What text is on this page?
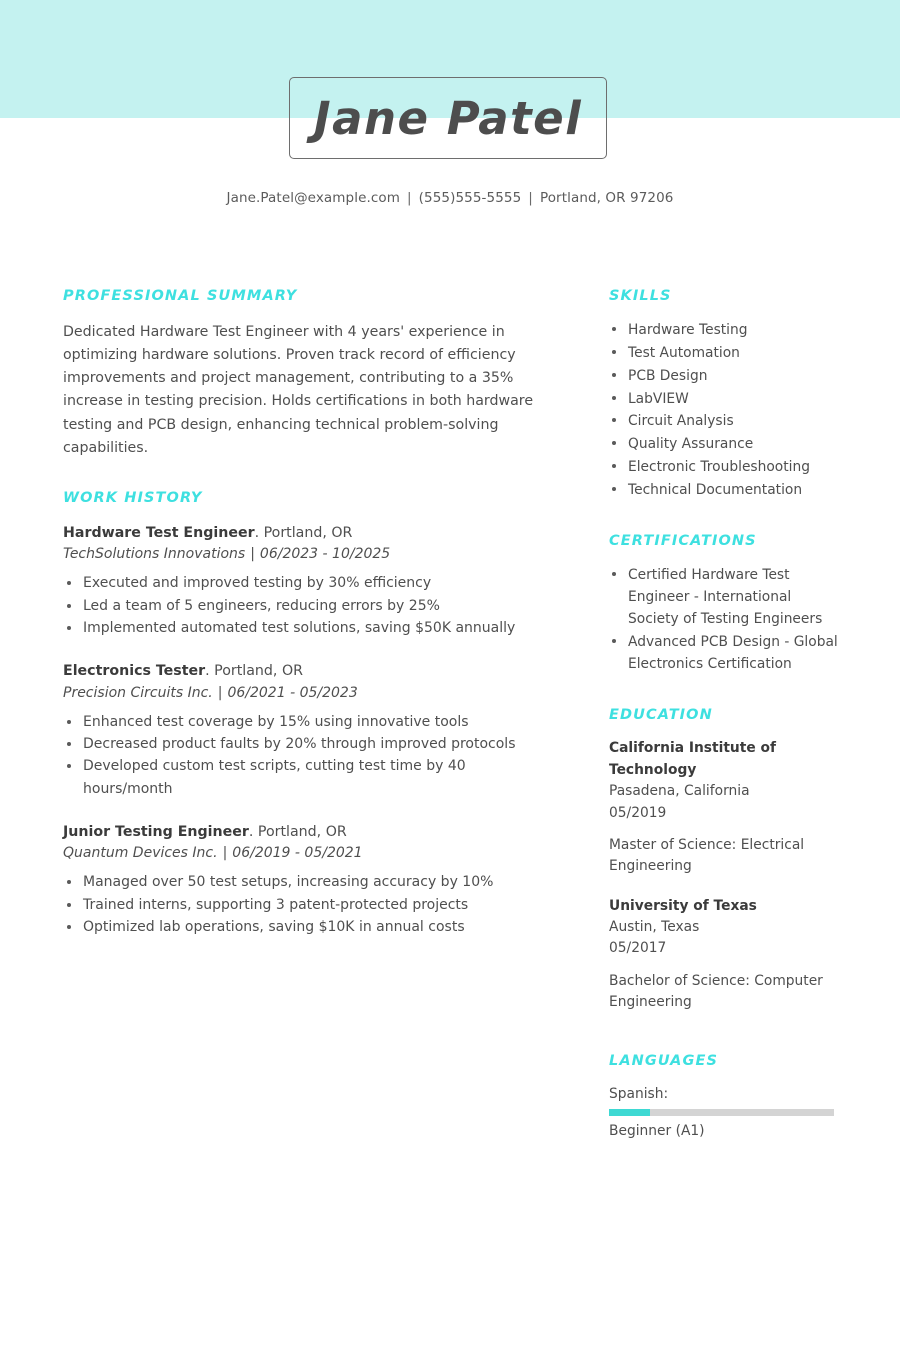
Jane Patel
Jane.Patel@example.com | (555)555-5555 | Portland, OR 97206
PROFESSIONAL SUMMARY

Dedicated Hardware Test Engineer with 4 years' experience in optimizing hardware solutions. Proven track record of efficiency improvements and project management, contributing to a 35% increase in testing precision. Holds certifications in both hardware testing and PCB design, enhancing technical problem-solving capabilities.

WORK HISTORY
Hardware Test Engineer. Portland, OR
TechSolutions Innovations | 06/2023 - 10/2025
Executed and improved testing by 30% efficiency
Led a team of 5 engineers, reducing errors by 25%
Implemented automated test solutions, saving $50K annually
Electronics Tester. Portland, OR
Precision Circuits Inc. | 06/2021 - 05/2023
Enhanced test coverage by 15% using innovative tools
Decreased product faults by 20% through improved protocols
Developed custom test scripts, cutting test time by 40 hours/month
Junior Testing Engineer. Portland, OR
Quantum Devices Inc. | 06/2019 - 05/2021
Managed over 50 test setups, increasing accuracy by 10%
Trained interns, supporting 3 patent-protected projects
Optimized lab operations, saving $10K in annual costs
SKILLS
Hardware Testing
Test Automation
PCB Design
LabVIEW
Circuit Analysis
Quality Assurance
Electronic Troubleshooting
Technical Documentation
CERTIFICATIONS
Certified Hardware Test Engineer - International Society of Testing Engineers
Advanced PCB Design - Global Electronics Certification
EDUCATION
California Institute of Technology
Pasadena, California
05/2019
Master of Science: Electrical Engineering
University of Texas
Austin, Texas
05/2017
Bachelor of Science: Computer Engineering
LANGUAGES
Spanish:
Beginner (A1)
